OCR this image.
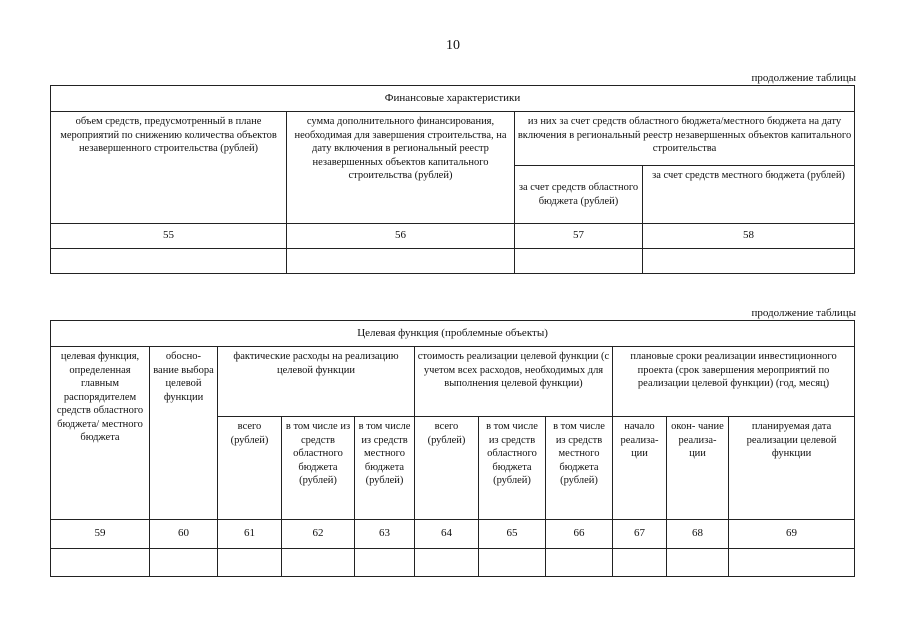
10
продолжение таблицы
Финансовые характеристики			
объем средств, предусмотренный в плане мероприятий по снижению количества объектов незавершенного строительства (рублей)	сумма дополнительного финансирования, необходимая для завершения строительства, на дату включения в региональный реестр незавершенных объектов капитального строительства (рублей)	из них за счет средств областного бюджета/местного бюджета на дату включения в региональный реестр незавершенных объектов капитального строительства	
		за счет средств областного бюджета (рублей)	за счет средств местного бюджета (рублей)
55	56	57	58

продолжение таблицы
Целевая функция (проблемные объекты)										
целевая функция, определенная главным распорядителем средств областного бюджета/ местного бюджета	обосно- вание выбора целевой функции	фактические расходы на реализацию целевой функции			стоимость реализации целевой функции (с учетом всех расходов, необходимых для выполнения целевой функции)			плановые сроки реализации инвестиционного проекта (срок завершения мероприятий по реализации целевой функции) (год, месяц)		
		всего (рублей)	в том числе из средств областного бюджета (рублей)	в том числе из средств местного бюджета (рублей)	всего (рублей)	в том числе из средств областного бюджета (рублей)	в том числе из средств местного бюджета (рублей)	начало реализа- ции	окон- чание реализа- ции	планируемая дата реализации целевой функции
59	60	61	62	63	64	65	66	67	68	69
